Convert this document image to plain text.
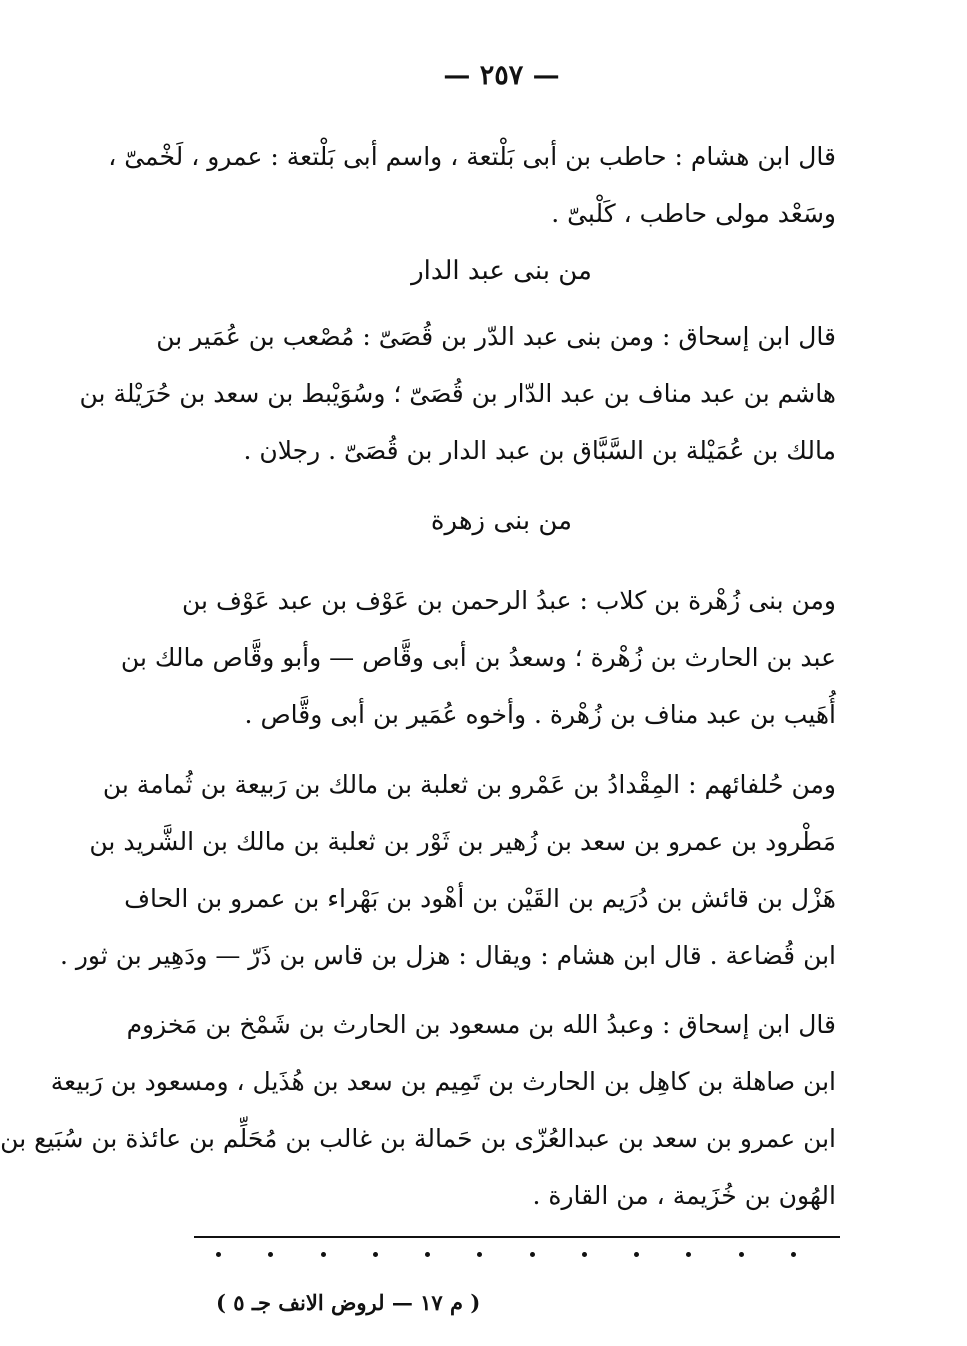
— ٢٥٧ —
قال ابن هشام : حاطب بن أبى بَلْتعة ، واسم أبى بَلْتعة : عمرو ، لَخْمىّ ،
وسَعْد مولى حاطب ، كَلْبىّ .
من بنى عبد الدار
قال ابن إسحاق : ومن بنى عبد الدّر بن قُصَىّ : مُصْعب بن عُمَير بن
هاشم بن عبد مناف بن عبد الدّار بن قُصَىّ ؛ وسُوَيْبط بن سعد بن حُرَيْلة بن
مالك بن عُمَيْلة بن السَّبَّاق بن عبد الدار بن قُصَىّ . رجلان .
من بنى زهرة
ومن بنى زُهْرة بن كلاب : عبدُ الرحمن بن عَوْف بن عبد عَوْف بن
عبد بن الحارث بن زُهْرة ؛ وسعدُ بن أبى وقَّاص — وأبو وقَّاص مالك بن
أُهَيب بن عبد مناف بن زُهْرة . وأخوه عُمَير بن أبى وقَّاص .
ومن حُلفائهم : المِقْدادُ بن عَمْرو بن ثعلبة بن مالك بن رَبيعة بن ثُمامة بن
مَطْرود بن عمرو بن سعد بن زُهير بن ثَوْر بن ثعلبة بن مالك بن الشَّريد بن
هَزْل بن قائش بن دُرَيم بن القَيْن بن أهْود بن بَهْراء بن عمرو بن الحاف
ابن قُضاعة . قال ابن هشام : ويقال : هزل بن قاس بن ذَرّ — ودَهِير بن ثور .
قال ابن إسحاق : وعبدُ الله بن مسعود بن الحارث بن شَمْخ بن مَخزوم
ابن صاهلة بن كاهِل بن الحارث بن تَمِيم بن سعد بن هُذَيل ، ومسعود بن رَبيعة
ابن عمرو بن سعد بن عبدالعُزّى بن حَمالة بن غالب بن مُحَلِّم بن عائذة بن سُبَيع بن
الهُون بن خُزَيمة ، من القارة .
( م ١٧ — لروض الانف جـ ٥ )
